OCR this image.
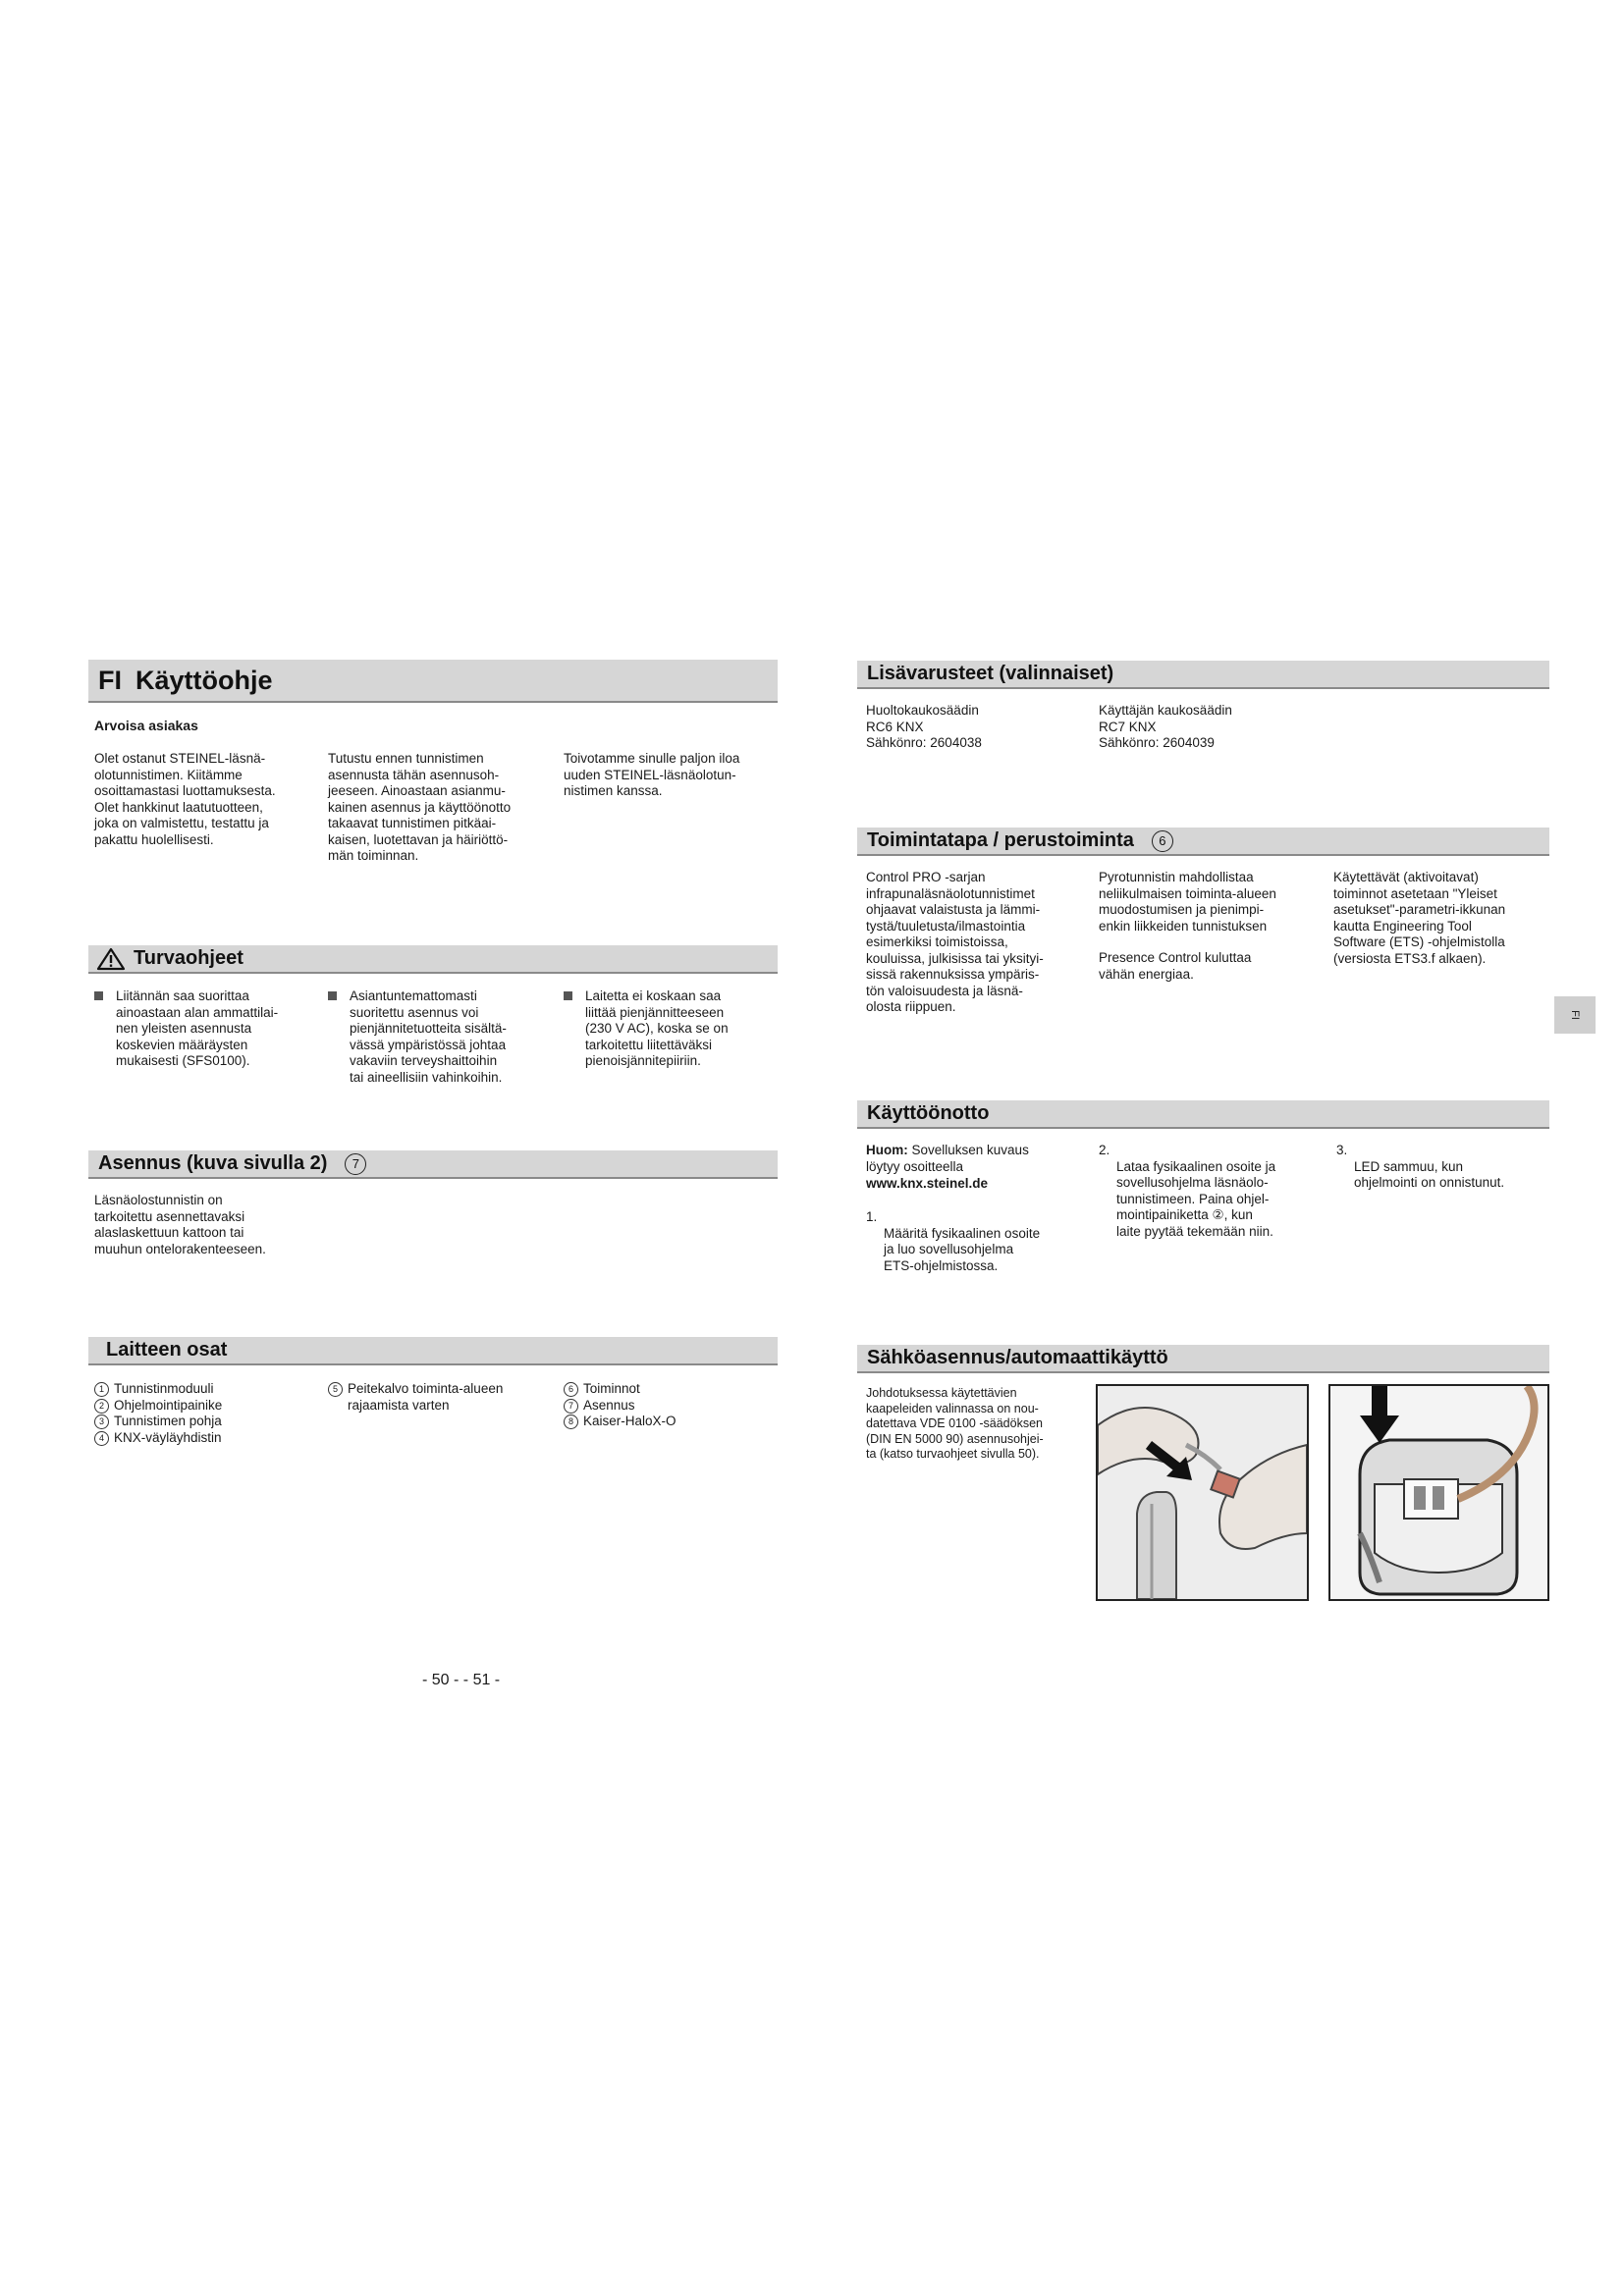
FI Käyttöohje
Arvoisa asiakas
Olet ostanut STEINEL-läsnä-
olotunnistimen. Kiitämme
osoittamastasi luottamuksesta.
Olet hankkinut laatutuotteen,
joka on valmistettu, testattu ja
pakattu huolellisesti.
Tutustu ennen tunnistimen
asennusta tähän asennusoh-
jeeseen. Ainoastaan asianmu-
kainen asennus ja käyttöönotto
takaavat tunnistimen pitkäai-
kaisen, luotettavan ja häiriöttö-
män toiminnan.
Toivotamme sinulle paljon iloa
uuden STEINEL-läsnäolotun-
nistimen kanssa.
Turvaohjeet
Liitännän saa suorittaa
ainoastaan alan ammattilai-
nen yleisten asennusta
koskevien määräysten
mukaisesti (SFS0100).
Asiantuntemattomasti
suoritettu asennus voi
pienjännitetuotteita sisältä-
vässä ympäristössä johtaa
vakaviin terveyshaittoihin
tai aineellisiin vahinkoihin.
Laitetta ei koskaan saa
liittää pienjännitteeseen
(230 V AC), koska se on
tarkoitettu liitettäväksi
pienoisjännitepiiriin.
Asennus (kuva sivulla 2)	7
Läsnäolostunnistin on
tarkoitettu asennettavaksi
alaslaskettuun kattoon tai
muuhun ontelorakenteeseen.
Laitteen osat
1 Tunnistinmoduuli
2 Ohjelmointipainike
3 Tunnistimen pohja
4 KNX-väyläyhdistin
5 Peitekalvo toiminta-alueen
rajaamista varten
6 Toiminnot
7 Asennus
8 Kaiser-HaloX-O
- 50 - - 51 -
Lisävarusteet (valinnaiset)
Huoltokaukosäädin
RC6 KNX
Sähkönro: 2604038
Käyttäjän kaukosäädin
RC7 KNX
Sähkönro: 2604039
Toimintatapa / perustoiminta	6
Control PRO -sarjan
infrapunaläsnäolotunnistimet
ohjaavat valaistusta ja lämmi-
tystä/tuuletusta/ilmastointia
esimerkiksi toimistoissa,
kouluissa, julkisissa tai yksityi-
sissä rakennuksissa ympäris-
tön valoisuudesta ja läsnä-
olosta riippuen.
Pyrotunnistin mahdollistaa
neliikulmaisen toiminta-alueen
muodostumisen ja pienimpi-
enkin liikkeiden tunnistuksen
Presence Control kuluttaa
vähän energiaa.
Käytettävät (aktivoitavat)
toiminnot asetetaan "Yleiset
asetukset"-parametri-ikkunan
kautta Engineering Tool
Software (ETS) -ohjelmistolla
(versiosta ETS3.f alkaen).
FI
Käyttöönotto
Huom: Sovelluksen kuvaus
löytyy osoitteella
www.knx.steinel.de

1.
Määritä fysikaalinen osoite
ja luo sovellusohjelma
ETS-ohjelmistossa.

2.
Lataa fysikaalinen osoite ja
sovellusohjelma läsnäolo-
tunnistimeen. Paina ohjel-
mointipainiketta ②, kun
laite pyytää tekemään niin.

3.
LED sammuu, kun
ohjelmointi on onnistunut.

Sähköasennus/automaattikäyttö
Johdotuksessa käytettävien
kaapeleiden valinnassa on nou-
datettava VDE 0100 -säädöksen
(DIN EN 5000 90) asennusohjei-
ta (katso turvaohjeet sivulla 50).
